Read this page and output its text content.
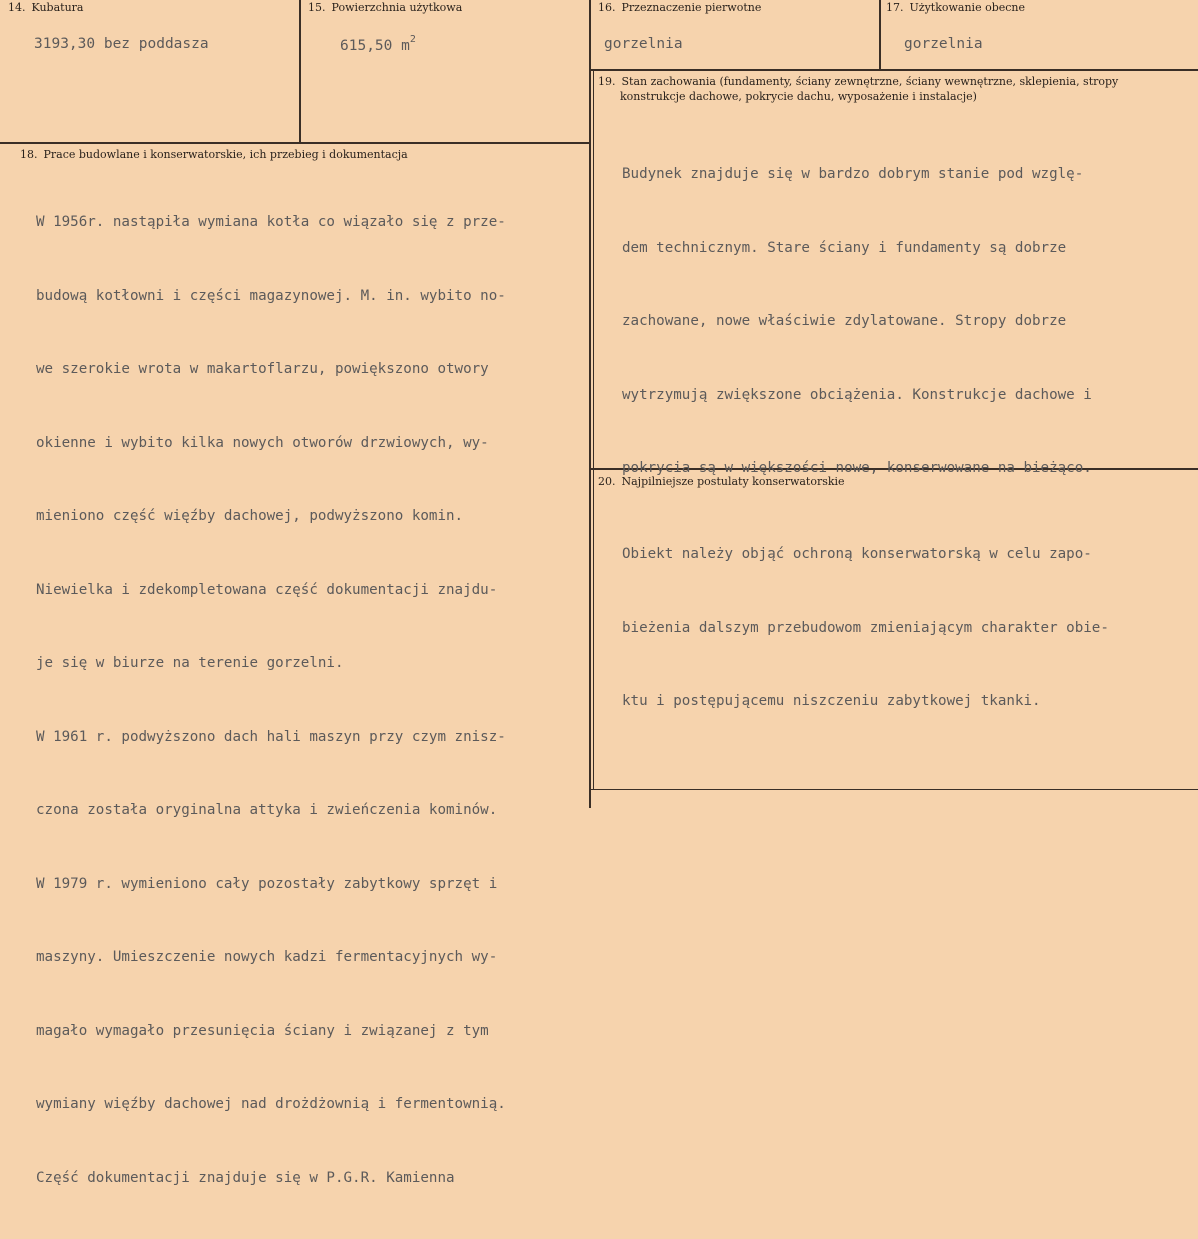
14. Kubatura
3193,30 bez poddasza
15. Powierzchnia użytkowa
615,50 $m^2$
16. Przeznaczenie pierwotne
gorzelnia
17. Użytkowanie obecne
gorzelnia
18. Prace budowlane i konserwatorskie, ich przebieg i dokumentacja

W 1956r. nastąpiła wymiana kotła co wiązało się z prze-

budową kotłowni i części magazynowej. M. in. wybito no-

we szerokie wrota w makartoflarzu, powiększono otwory

okienne i wybito kilka nowych otworów drzwiowych, wy-

mieniono część więźby dachowej, podwyższono komin.

Niewielka i zdekompletowana część dokumentacji znajdu-

je się w biurze na terenie gorzelni.

W 1961 r. podwyższono dach hali maszyn przy czym znisz-

czona została oryginalna attyka i zwieńczenia kominów.

W 1979 r. wymieniono cały pozostały zabytkowy sprzęt i

maszyny. Umieszczenie nowych kadzi fermentacyjnych wy-

magało wymagało przesunięcia ściany i związanej z tym

wymiany więźby dachowej nad drożdżownią i fermentownią.

Część dokumentacji znajduje się w P.G.R. Kamienna

19. Stan zachowania (fundamenty, ściany zewnętrzne, ściany wewnętrzne, sklepienia, stropy
konstrukcje dachowe, pokrycie dachu, wyposażenie i instalacje)

Budynek znajduje się w bardzo dobrym stanie pod wzglę-

dem technicznym. Stare ściany i fundamenty są dobrze

zachowane, nowe właściwie zdylatowane. Stropy dobrze

wytrzymują zwiększone obciążenia. Konstrukcje dachowe i

pokrycia są w większości nowe, konserwowane na bieżąco.

20. Najpilniejsze postulaty konserwatorskie

Obiekt należy objąć ochroną konserwatorską w celu zapo-

bieżenia dalszym przebudowom zmieniającym charakter obie-

ktu i postępującemu niszczeniu zabytkowej tkanki.
